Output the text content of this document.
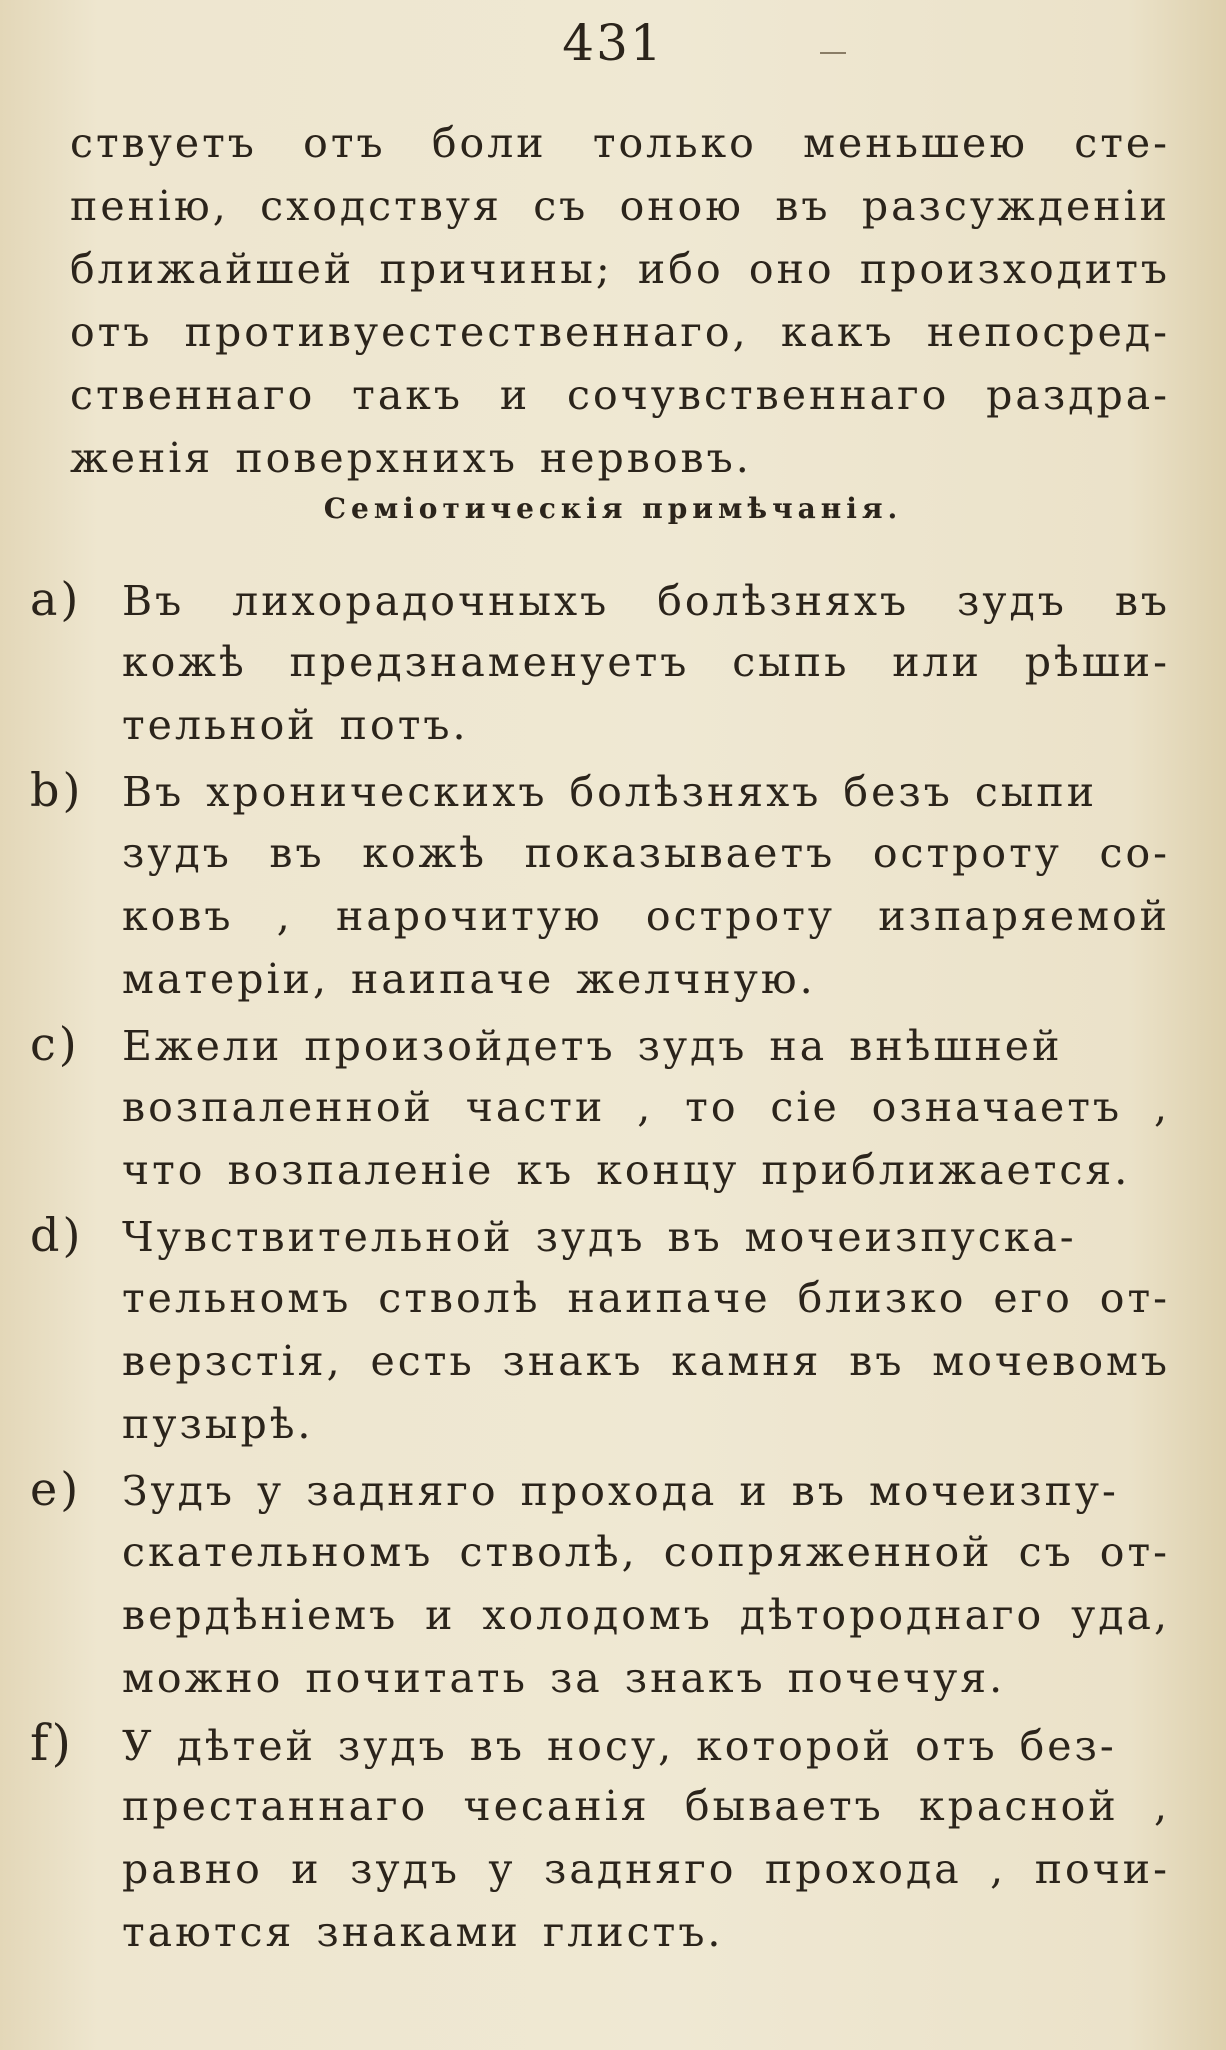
431
ствуетъ отъ боли только меньшею сте-
пенію, сходствуя съ оною въ разсужденіи
ближайшей причины; ибо оно произходитъ
отъ противуестественнаго, какъ непосред-
ственнаго такъ и сочувственнаго раздра-
женія поверхнихъ нервовъ.
Семіотическія примѣчанія.
a) Въ лихорадочныхъ болѣзняхъ зудъ въ
кожѣ предзнаменуетъ сыпь или рѣши-
тельной потъ.
b) Въ хроническихъ болѣзняхъ безъ сыпи
зудъ въ кожѣ показываетъ остроту со-
ковъ , нарочитую остроту изпаряемой
матеріи, наипаче желчную.
c) Ежели произойдетъ зудъ на внѣшней
возпаленной части , то сіе означаетъ ,
что возпаленіе къ концу приближается.
d) Чувствительной зудъ въ мочеизпуска-
тельномъ стволѣ наипаче близко его от-
верзстія, есть знакъ камня въ мочевомъ
пузырѣ.
e) Зудъ у задняго прохода и въ мочеизпу-
скательномъ стволѣ, сопряженной съ от-
вердѣніемъ и холодомъ дѣтороднаго уда,
можно почитать за знакъ почечуя.
f) У дѣтей зудъ въ носу, которой отъ без-
престаннаго чесанія бываетъ красной ,
равно и зудъ у задняго прохода , почи-
таются знаками глистъ.
